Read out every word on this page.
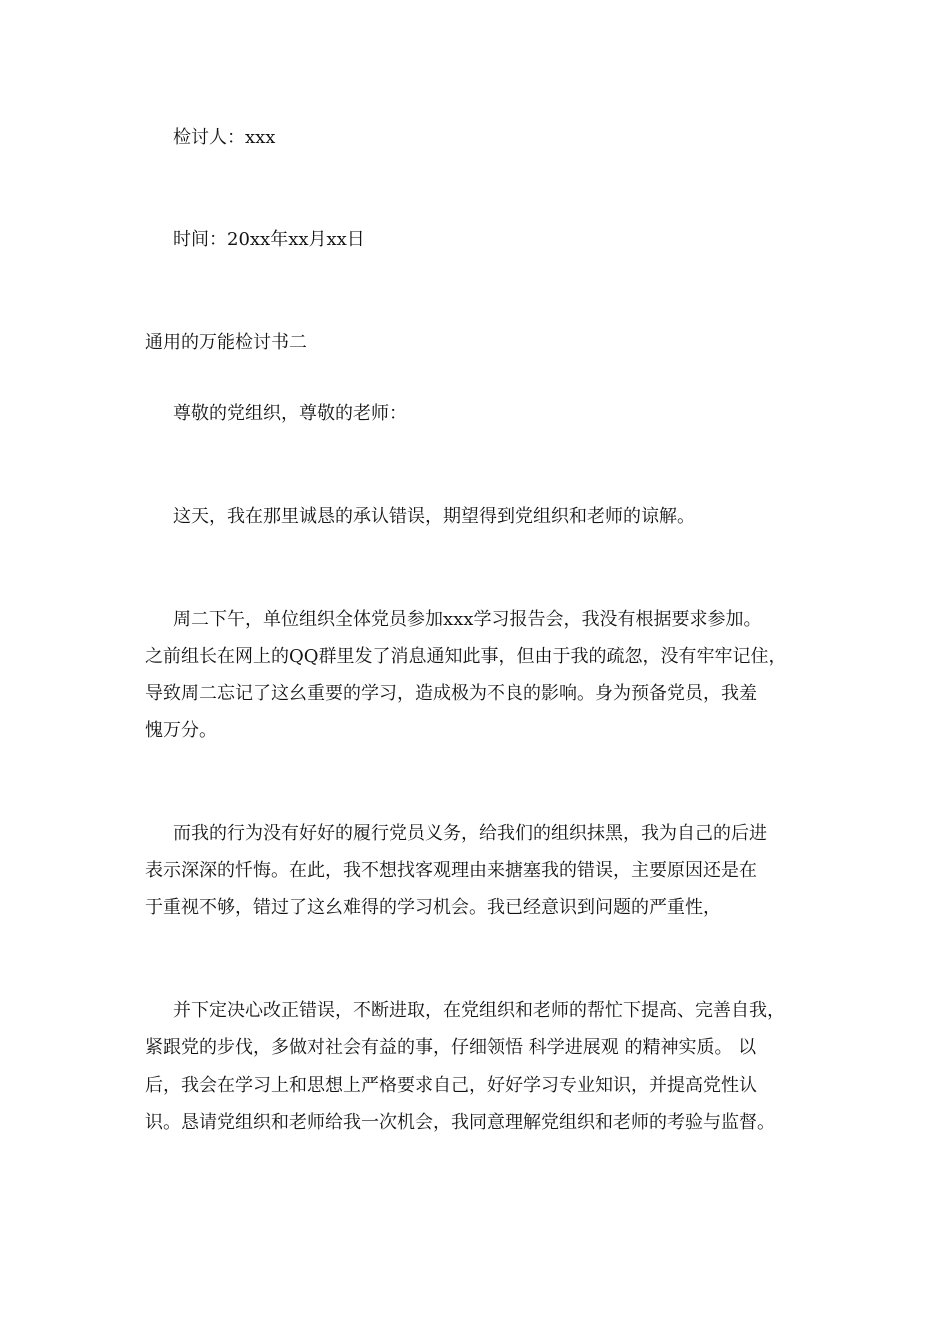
检讨人：xxx
时间：20xx年xx月xx日
通用的万能检讨书二
尊敬的党组织，尊敬的老师：
这天，我在那里诚恳的承认错误，期望得到党组织和老师的谅解。
周二下午，单位组织全体党员参加xxx学习报告会，我没有根据要求参加。
之前组长在网上的QQ群里发了消息通知此事，但由于我的疏忽，没有牢牢记住，
导致周二忘记了这幺重要的学习，造成极为不良的影响。身为预备党员，我羞
愧万分。
而我的行为没有好好的履行党员义务，给我们的组织抹黑，我为自己的后进
表示深深的忏悔。在此，我不想找客观理由来搪塞我的错误，主要原因还是在
于重视不够，错过了这幺难得的学习机会。我已经意识到问题的严重性，
并下定决心改正错误，不断进取，在党组织和老师的帮忙下提高、完善自我，
紧跟党的步伐，多做对社会有益的事，仔细领悟 科学进展观 的精神实质。 以
后，我会在学习上和思想上严格要求自己，好好学习专业知识，并提高党性认
识。恳请党组织和老师给我一次机会，我同意理解党组织和老师的考验与监督。
